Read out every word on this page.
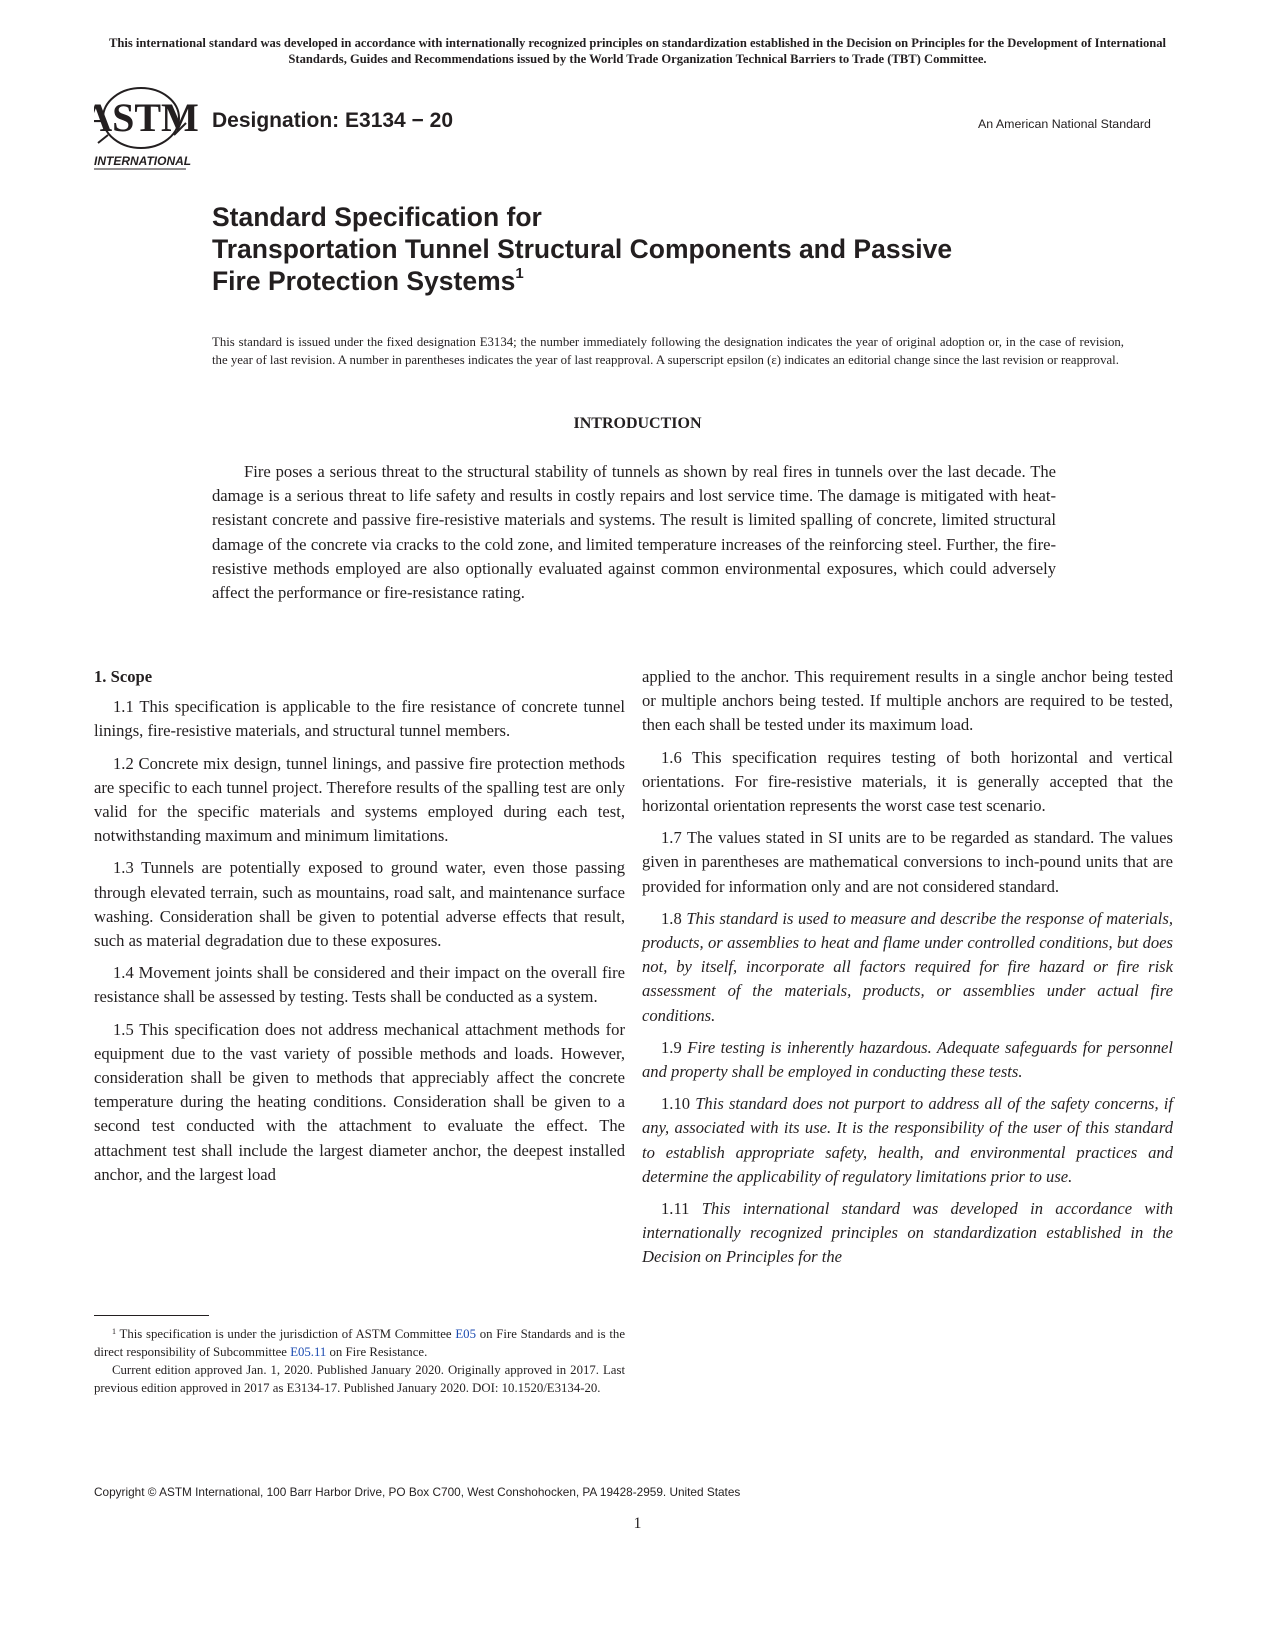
This international standard was developed in accordance with internationally recognized principles on standardization established in the Decision on Principles for the Development of International Standards, Guides and Recommendations issued by the World Trade Organization Technical Barriers to Trade (TBT) Committee.
ASTM
INTERNATIONAL
Designation: E3134 − 20	An American National Standard
Standard Specification for
Transportation Tunnel Structural Components and Passive
Fire Protection Systems$^1$
This standard is issued under the fixed designation E3134; the number immediately following the designation indicates the year of original adoption or, in the case of revision, the year of last revision. A number in parentheses indicates the year of last reapproval. A superscript epsilon (ε) indicates an editorial change since the last revision or reapproval.
INTRODUCTION
Fire poses a serious threat to the structural stability of tunnels as shown by real fires in tunnels over the last decade. The damage is a serious threat to life safety and results in costly repairs and lost service time. The damage is mitigated with heat-resistant concrete and passive fire-resistive materials and systems. The result is limited spalling of concrete, limited structural damage of the concrete via cracks to the cold zone, and limited temperature increases of the reinforcing steel. Further, the fire-resistive methods employed are also optionally evaluated against common environmental exposures, which could adversely affect the performance or fire-resistance rating.

1. Scope

1.1 This specification is applicable to the fire resistance of concrete tunnel linings, fire-resistive materials, and structural tunnel members.

1.2 Concrete mix design, tunnel linings, and passive fire protection methods are specific to each tunnel project. Therefore results of the spalling test are only valid for the specific materials and systems employed during each test, notwithstanding maximum and minimum limitations.

1.3 Tunnels are potentially exposed to ground water, even those passing through elevated terrain, such as mountains, road salt, and maintenance surface washing. Consideration shall be given to potential adverse effects that result, such as material degradation due to these exposures.

1.4 Movement joints shall be considered and their impact on the overall fire resistance shall be assessed by testing. Tests shall be conducted as a system.

1.5 This specification does not address mechanical attachment methods for equipment due to the vast variety of possible methods and loads. However, consideration shall be given to methods that appreciably affect the concrete temperature during the heating conditions. Consideration shall be given to a second test conducted with the attachment to evaluate the effect. The attachment test shall include the largest diameter anchor, the deepest installed anchor, and the largest load

applied to the anchor. This requirement results in a single anchor being tested or multiple anchors being tested. If multiple anchors are required to be tested, then each shall be tested under its maximum load.

1.6 This specification requires testing of both horizontal and vertical orientations. For fire-resistive materials, it is generally accepted that the horizontal orientation represents the worst case test scenario.

1.7 The values stated in SI units are to be regarded as standard. The values given in parentheses are mathematical conversions to inch-pound units that are provided for information only and are not considered standard.

1.8 This standard is used to measure and describe the response of materials, products, or assemblies to heat and flame under controlled conditions, but does not, by itself, incorporate all factors required for fire hazard or fire risk assessment of the materials, products, or assemblies under actual fire conditions.

1.9 Fire testing is inherently hazardous. Adequate safeguards for personnel and property shall be employed in conducting these tests.

1.10 This standard does not purport to address all of the safety concerns, if any, associated with its use. It is the responsibility of the user of this standard to establish appropriate safety, health, and environmental practices and determine the applicability of regulatory limitations prior to use.

1.11 This international standard was developed in accordance with internationally recognized principles on standardization established in the Decision on Principles for the

$^1$ This specification is under the jurisdiction of ASTM Committee E05 on Fire Standards and is the direct responsibility of Subcommittee E05.11 on Fire Resistance.

Current edition approved Jan. 1, 2020. Published January 2020. Originally approved in 2017. Last previous edition approved in 2017 as E3134-17. Published January 2020. DOI: 10.1520/E3134-20.

Copyright © ASTM International, 100 Barr Harbor Drive, PO Box C700, West Conshohocken, PA 19428-2959. United States
1
